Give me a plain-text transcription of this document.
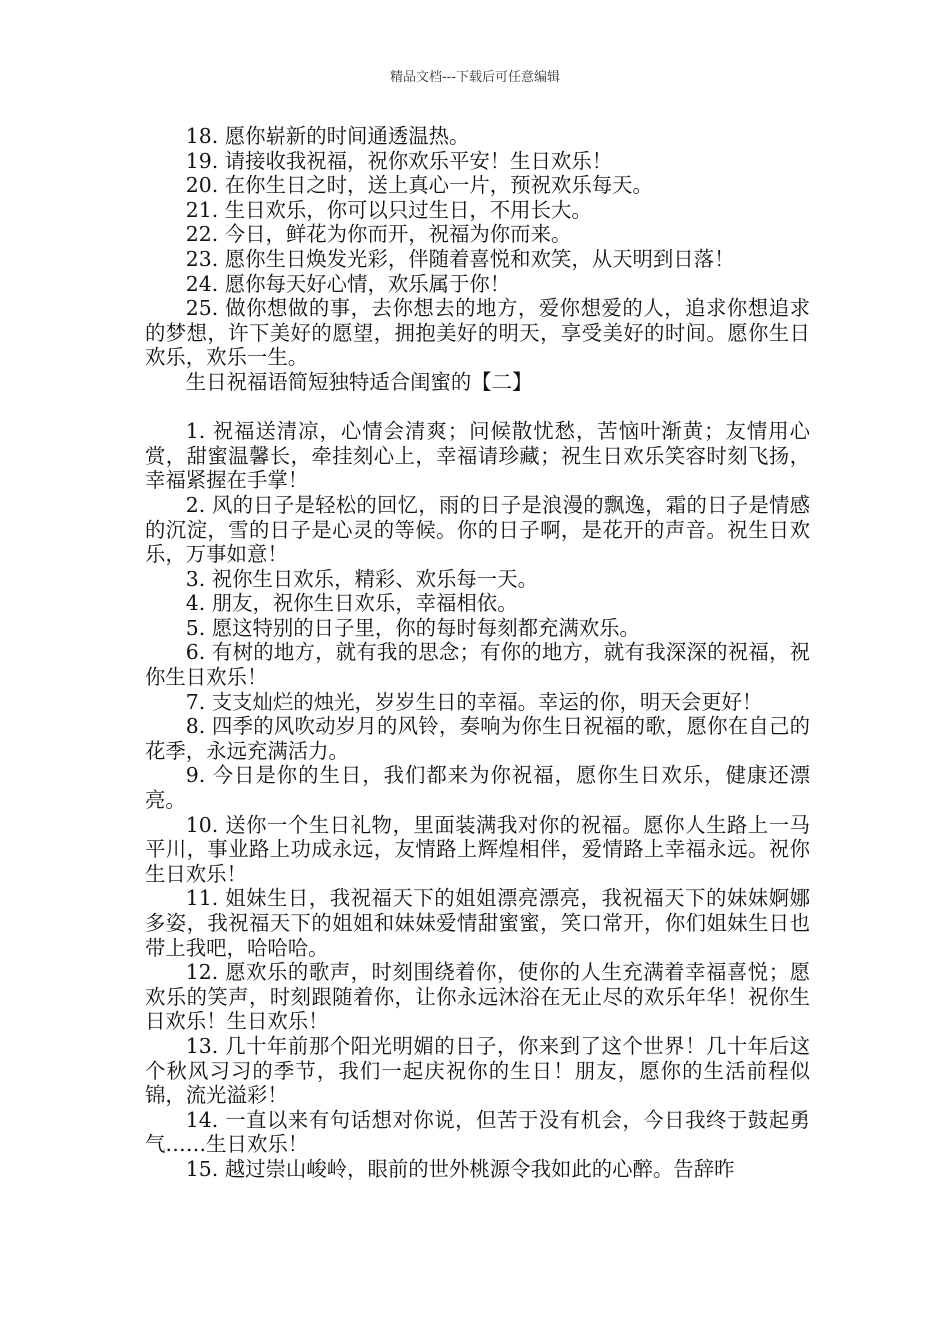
精品文档---下载后可任意编辑

18. 愿你崭新的时间通透温热。

19. 请接收我祝福，祝你欢乐平安！生日欢乐！

20. 在你生日之时，送上真心一片，预祝欢乐每天。

21. 生日欢乐，你可以只过生日，不用长大。

22. 今日，鲜花为你而开，祝福为你而来。

23. 愿你生日焕发光彩，伴随着喜悦和欢笑，从天明到日落！

24. 愿你每天好心情，欢乐属于你！

25. 做你想做的事，去你想去的地方，爱你想爱的人，追求你想追求的梦想，许下美好的愿望，拥抱美好的明天，享受美好的时间。愿你生日欢乐，欢乐一生。

生日祝福语简短独特适合闺蜜的【二】

1. 祝福送清凉，心情会清爽；问候散忧愁，苦恼叶渐黄；友情用心赏，甜蜜温馨长，牵挂刻心上，幸福请珍藏；祝生日欢乐笑容时刻飞扬，幸福紧握在手掌！

2. 风的日子是轻松的回忆，雨的日子是浪漫的飘逸，霜的日子是情感的沉淀，雪的日子是心灵的等候。你的日子啊，是花开的声音。祝生日欢乐，万事如意！

3. 祝你生日欢乐，精彩、欢乐每一天。

4. 朋友，祝你生日欢乐，幸福相依。

5. 愿这特别的日子里，你的每时每刻都充满欢乐。

6. 有树的地方，就有我的思念；有你的地方，就有我深深的祝福，祝你生日欢乐！

7. 支支灿烂的烛光，岁岁生日的幸福。幸运的你，明天会更好！

8. 四季的风吹动岁月的风铃，奏响为你生日祝福的歌，愿你在自己的花季，永远充满活力。

9. 今日是你的生日，我们都来为你祝福，愿你生日欢乐，健康还漂亮。

10. 送你一个生日礼物，里面装满我对你的祝福。愿你人生路上一马平川，事业路上功成永远，友情路上辉煌相伴，爱情路上幸福永远。祝你生日欢乐！

11. 姐妹生日，我祝福天下的姐姐漂亮漂亮，我祝福天下的妹妹婀娜多姿，我祝福天下的姐姐和妹妹爱情甜蜜蜜，笑口常开，你们姐妹生日也带上我吧，哈哈哈。

12. 愿欢乐的歌声，时刻围绕着你，使你的人生充满着幸福喜悦；愿欢乐的笑声，时刻跟随着你，让你永远沐浴在无止尽的欢乐年华！祝你生日欢乐！生日欢乐！

13. 几十年前那个阳光明媚的日子，你来到了这个世界！几十年后这个秋风习习的季节，我们一起庆祝你的生日！朋友，愿你的生活前程似锦，流光溢彩！

14. 一直以来有句话想对你说，但苦于没有机会，今日我终于鼓起勇气……生日欢乐！

15. 越过崇山峻岭，眼前的世外桃源令我如此的心醉。告辞昨
